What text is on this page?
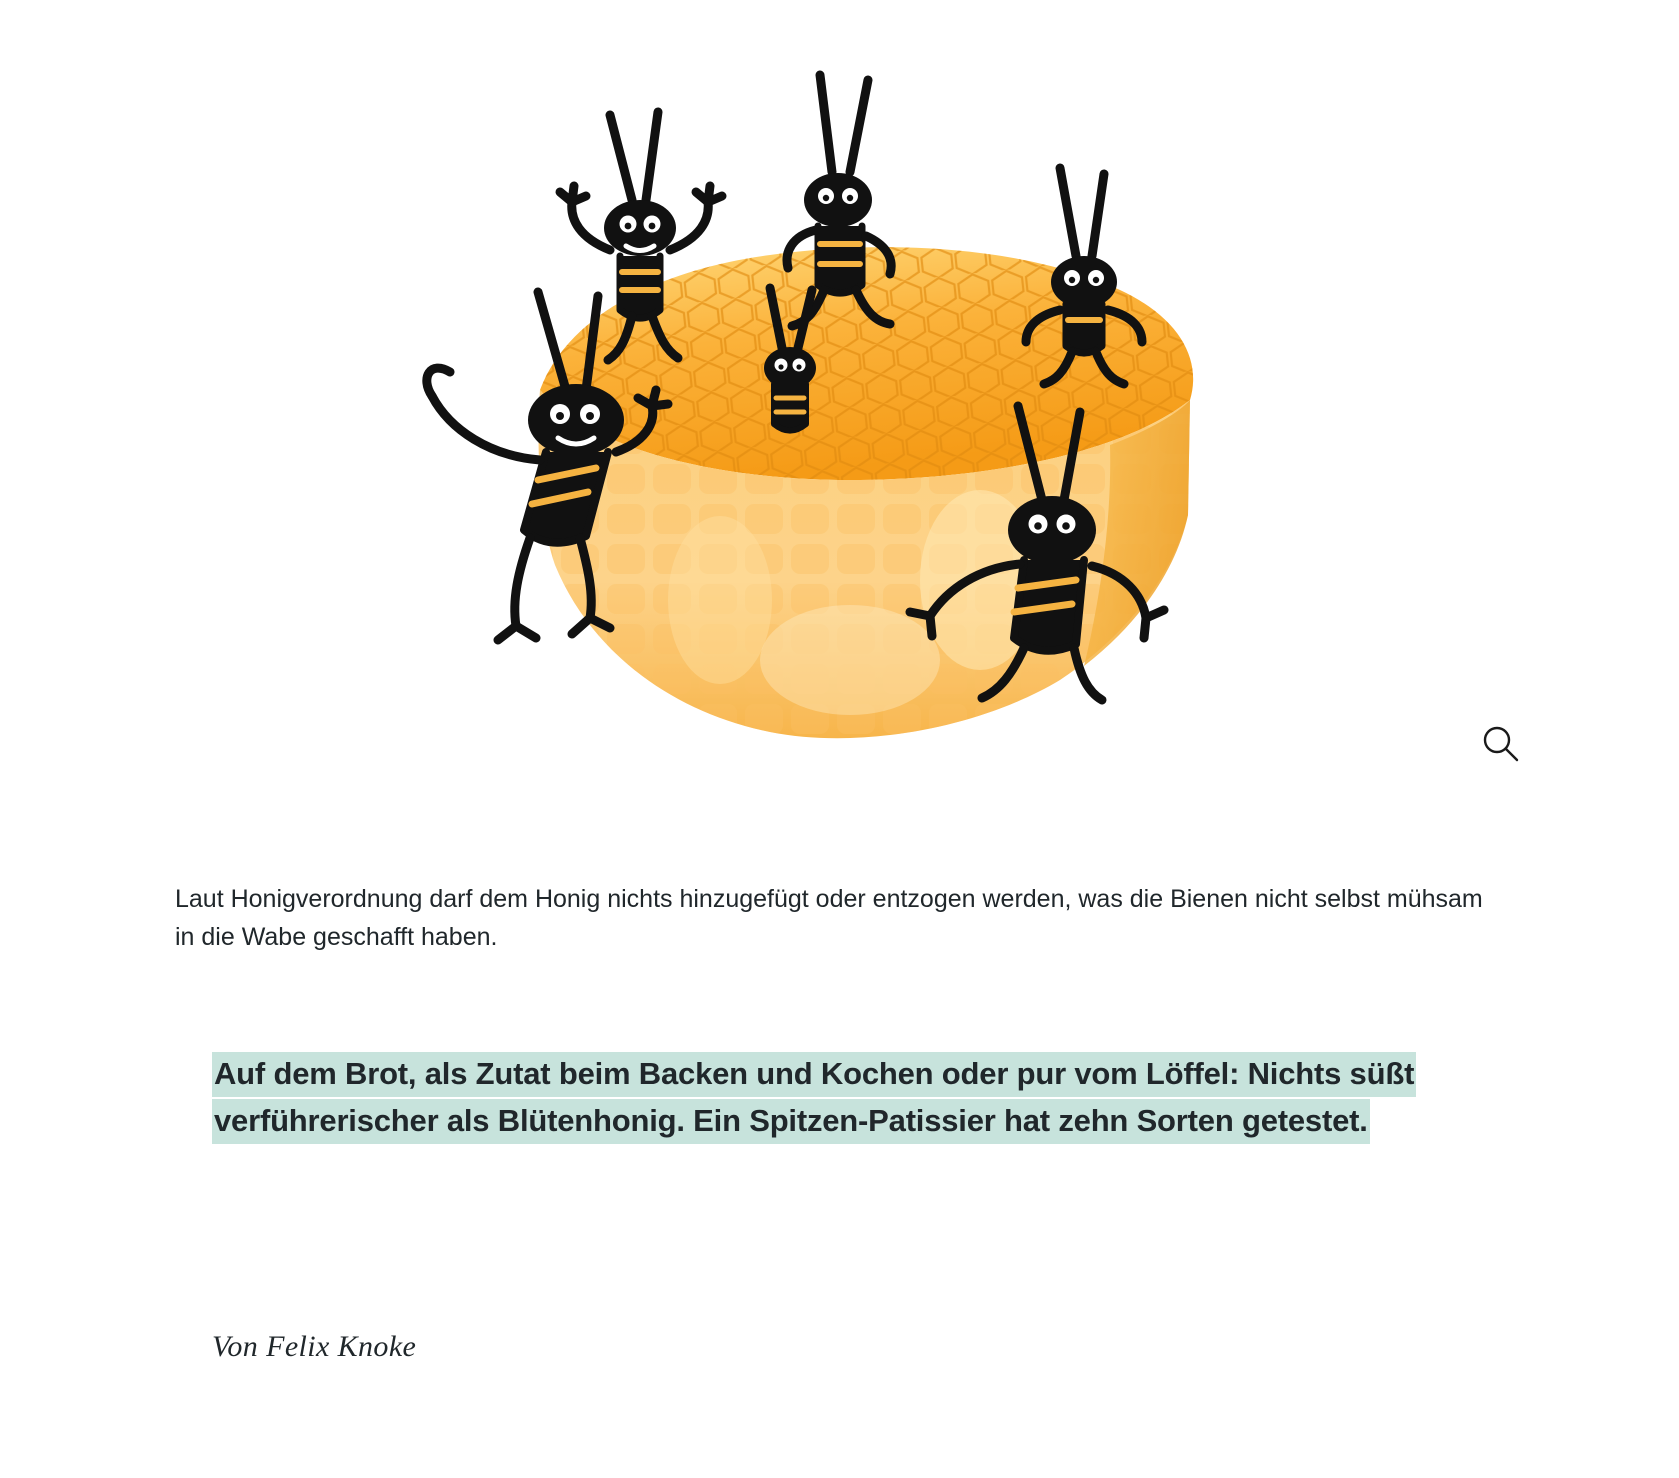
Laut Honigverordnung darf dem Honig nichts hinzugefügt oder entzogen werden, was die Bienen nicht selbst mühsam in die Wabe geschafft haben.

Auf dem Brot, als Zutat beim Backen und Kochen oder pur vom Löffel: Nichts süßt verführerischer als Blütenhonig. Ein Spitzen-Patissier hat zehn Sorten getestet.

Von Felix Knoke
